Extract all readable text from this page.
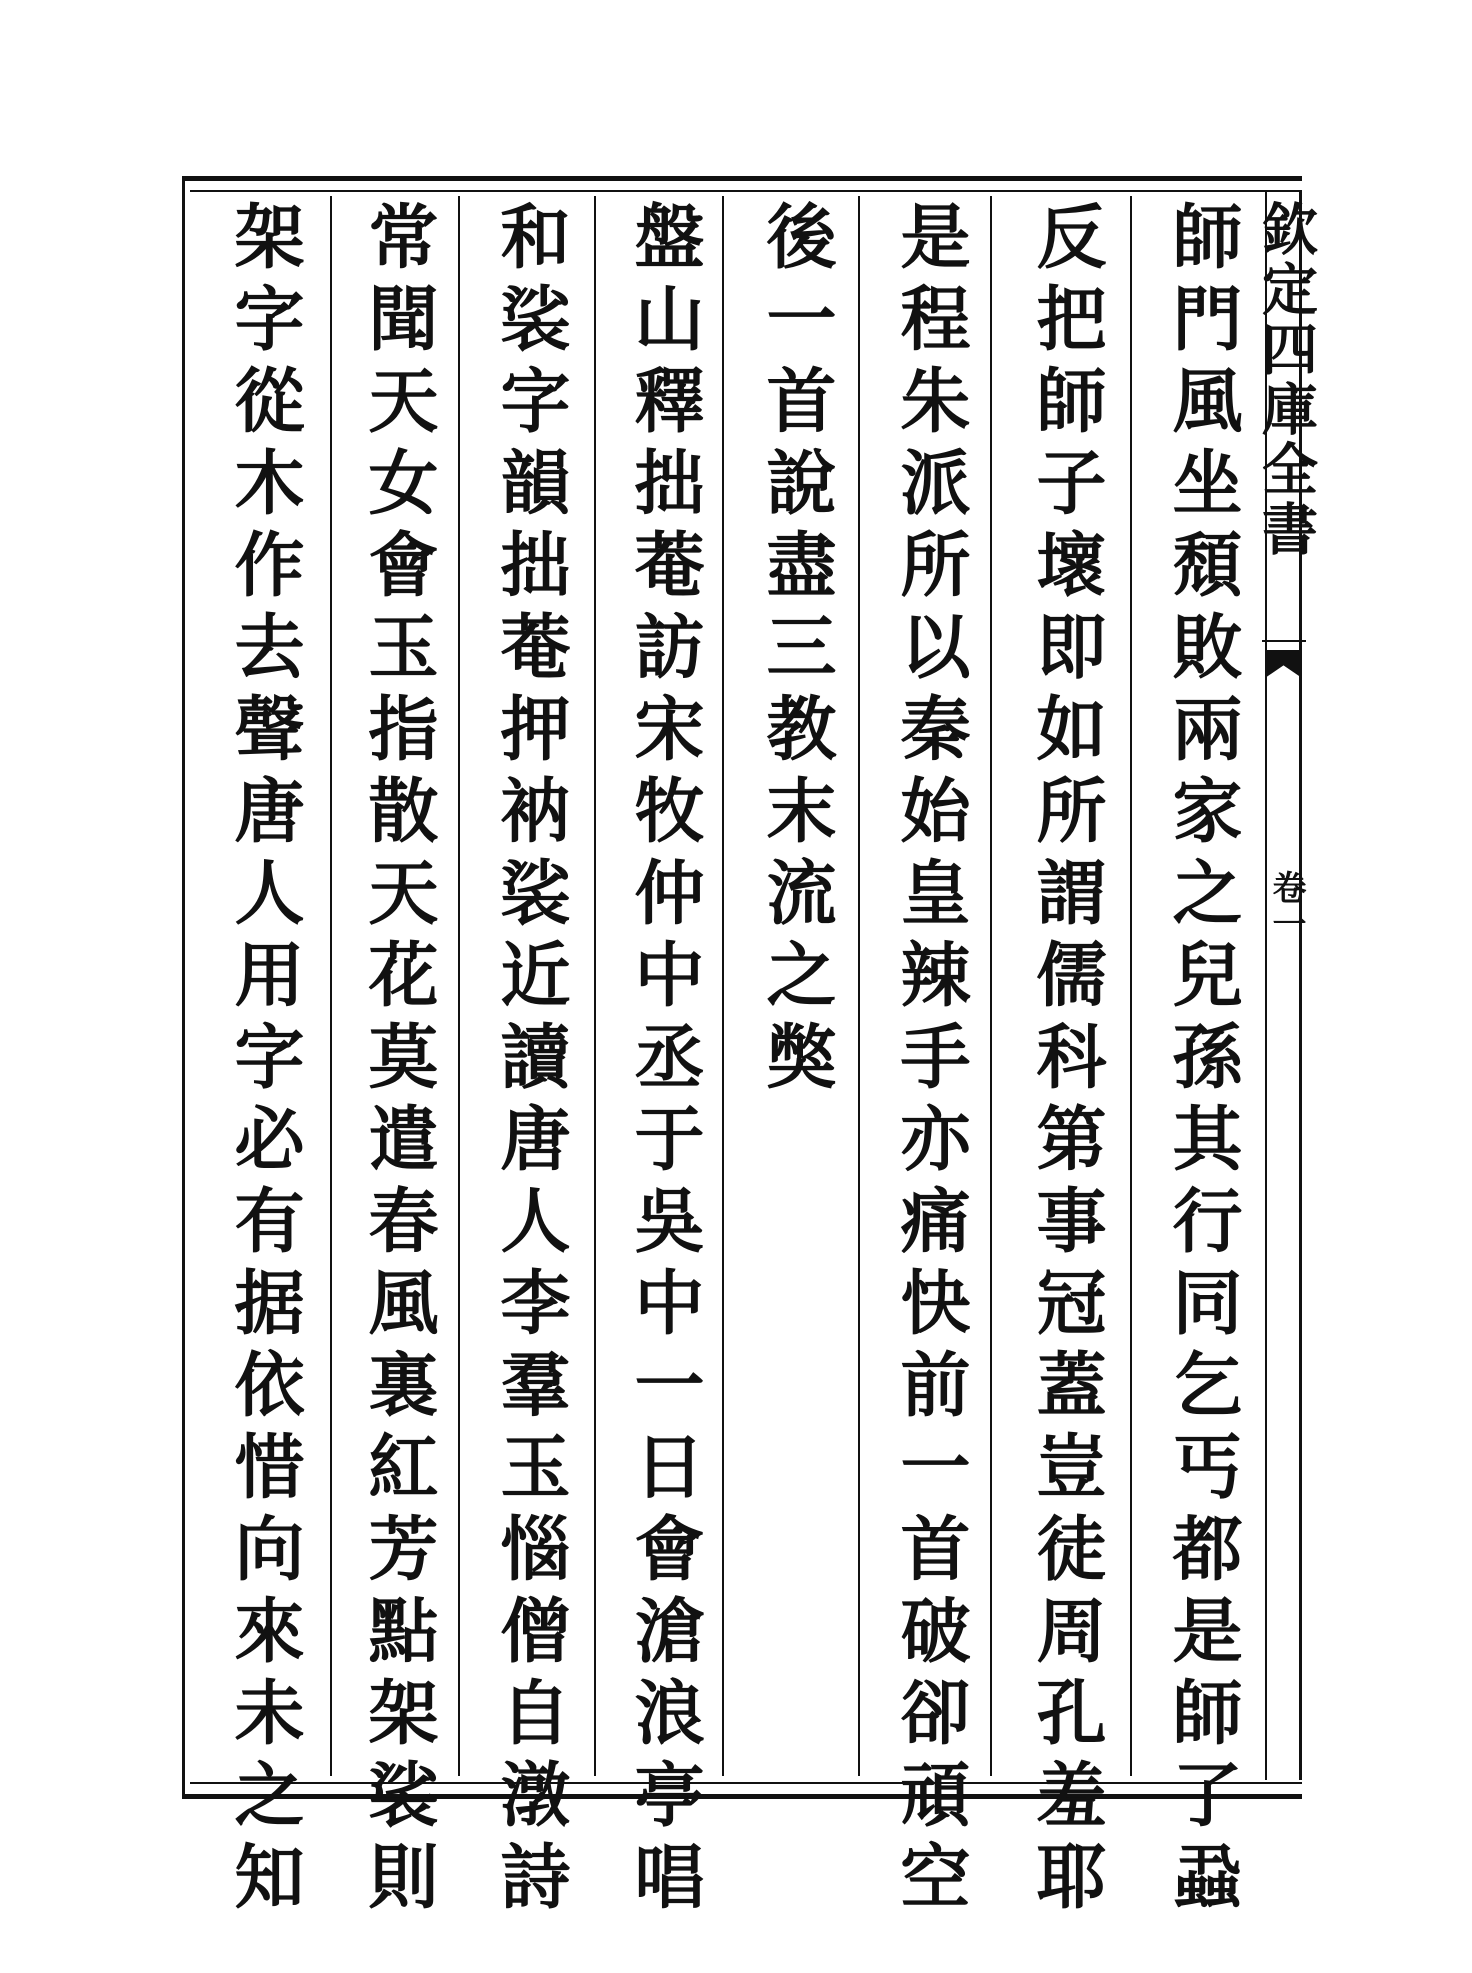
欽定四庫全書
卷一
師門風坐頹敗兩家之兒孫其行同乞丐都是師了蝨
反把師子壞即如所謂儒科第事冠蓋豈徒周孔羞耶
是程朱派所以秦始皇辣手亦痛快前一首破卻頑空
後一首說盡三教末流之獘
盤山釋拙菴訪宋牧仲中丞于吳中一日會滄浪亭唱
和裟字韻拙菴押衲裟近讀唐人李羣玉惱僧自潡詩
常聞天女會玉指散天花莫遣春風裏紅芳點架裟則
架字從木作去聲唐人用字必有据依惜向來未之知
